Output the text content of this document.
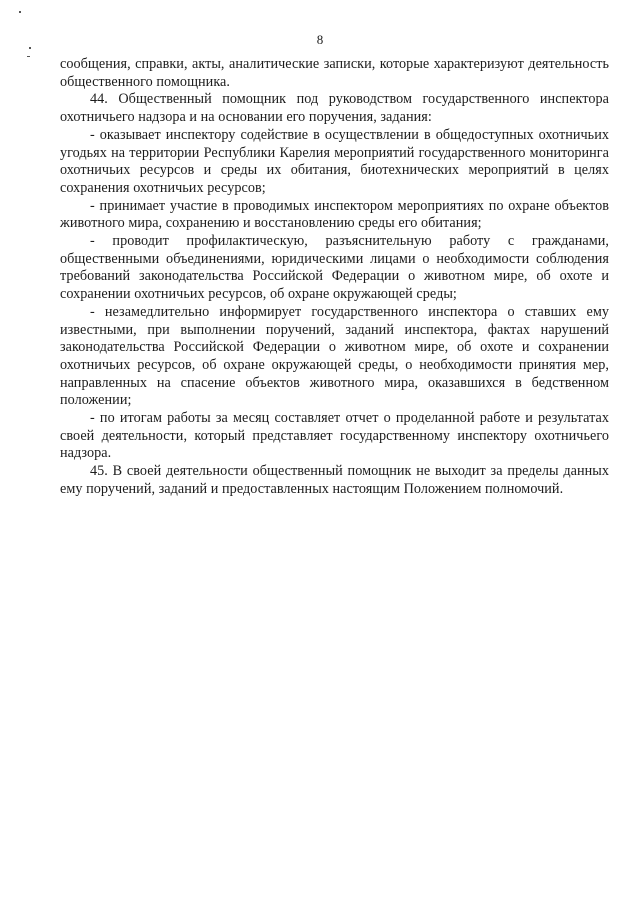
8

сообщения, справки, акты, аналитические записки, которые характеризуют деятельность общественного помощника.

44. Общественный помощник под руководством государственного инспектора охотничьего надзора и на основании его поручения, задания:

- оказывает инспектору содействие в осуществлении в общедоступных охотничьих угодьях на территории Республики Карелия мероприятий государственного мониторинга охотничьих ресурсов и среды их обитания, биотехнических мероприятий в целях сохранения охотничьих ресурсов;

- принимает участие в проводимых инспектором мероприятиях по охране объектов животного мира, сохранению и восстановлению среды его обитания;

- проводит профилактическую, разъяснительную работу с гражданами, общественными объединениями, юридическими лицами о необходимости соблюдения требований законодательства Российской Федерации о животном мире, об охоте и сохранении охотничьих ресурсов, об охране окружающей среды;

- незамедлительно информирует государственного инспектора о ставших ему известными, при выполнении поручений, заданий инспектора, фактах нарушений законодательства Российской Федерации о животном мире, об охоте и сохранении охотничьих ресурсов, об охране окружающей среды, о необходимости принятия мер, направленных на спасение объектов животного мира, оказавшихся в бедственном положении;

- по итогам работы за месяц составляет отчет о проделанной работе и результатах своей деятельности, который представляет государственному инспектору охотничьего надзора.

45. В своей деятельности общественный помощник не выходит за пределы данных ему поручений, заданий и предоставленных настоящим Положением полномочий.
